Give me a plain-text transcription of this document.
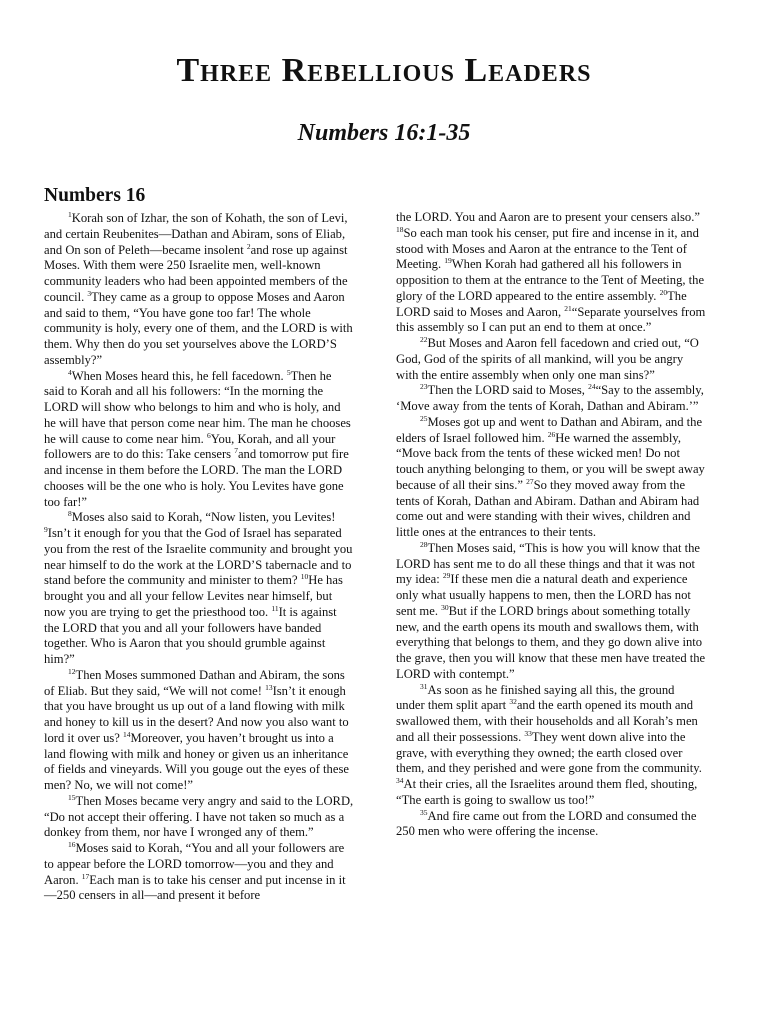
Three Rebellious Leaders
Numbers 16:1-35
Numbers 16

$^1$Korah son of Izhar, the son of Kohath, the son of Levi, and certain Reubenites—Dathan and Abiram, sons of Eliab, and On son of Peleth—became insolent $^2$and rose up against Moses. With them were 250 Israelite men, well-known community leaders who had been appointed members of the council. $^3$They came as a group to oppose Moses and Aaron and said to them, “You have gone too far! The whole community is holy, every one of them, and the LORD is with them. Why then do you set yourselves above the LORD’S assembly?”

$^4$When Moses heard this, he fell facedown. $^5$Then he said to Korah and all his followers: “In the morning the LORD will show who belongs to him and who is holy, and he will have that person come near him. The man he chooses he will cause to come near him. $^6$You, Korah, and all your followers are to do this: Take censers $^7$and tomorrow put fire and incense in them before the LORD. The man the LORD chooses will be the one who is holy. You Levites have gone too far!”

$^8$Moses also said to Korah, “Now listen, you Levites! $^9$Isn’t it enough for you that the God of Israel has separated you from the rest of the Israelite community and brought you near himself to do the work at the LORD’S tabernacle and to stand before the community and minister to them? $^{10}$He has brought you and all your fellow Levites near himself, but now you are trying to get the priesthood too. $^{11}$It is against the LORD that you and all your followers have banded together. Who is Aaron that you should grumble against him?”

$^{12}$Then Moses summoned Dathan and Abiram, the sons of Eliab. But they said, “We will not come! $^{13}$Isn’t it enough that you have brought us up out of a land flowing with milk and honey to kill us in the desert? And now you also want to lord it over us? $^{14}$Moreover, you haven’t brought us into a land flowing with milk and honey or given us an inheritance of fields and vineyards. Will you gouge out the eyes of these men? No, we will not come!”

$^{15}$Then Moses became very angry and said to the LORD, “Do not accept their offering. I have not taken so much as a donkey from them, nor have I wronged any of them.”

$^{16}$Moses said to Korah, “You and all your followers are to appear before the LORD tomorrow—you and they and Aaron. $^{17}$Each man is to take his censer and put incense in it—250 censers in all—and present it before

the LORD. You and Aaron are to present your censers also.” $^{18}$So each man took his censer, put fire and incense in it, and stood with Moses and Aaron at the entrance to the Tent of Meeting. $^{19}$When Korah had gathered all his followers in opposition to them at the entrance to the Tent of Meeting, the glory of the LORD appeared to the entire assembly. $^{20}$The LORD said to Moses and Aaron, $^{21}$“Separate yourselves from this assembly so I can put an end to them at once.”

$^{22}$But Moses and Aaron fell facedown and cried out, “O God, God of the spirits of all mankind, will you be angry with the entire assembly when only one man sins?”

$^{23}$Then the LORD said to Moses, $^{24}$“Say to the assembly, ‘Move away from the tents of Korah, Dathan and Abiram.’”

$^{25}$Moses got up and went to Dathan and Abiram, and the elders of Israel followed him. $^{26}$He warned the assembly, “Move back from the tents of these wicked men! Do not touch anything belonging to them, or you will be swept away because of all their sins.” $^{27}$So they moved away from the tents of Korah, Dathan and Abiram. Dathan and Abiram had come out and were standing with their wives, children and little ones at the entrances to their tents.

$^{28}$Then Moses said, “This is how you will know that the LORD has sent me to do all these things and that it was not my idea: $^{29}$If these men die a natural death and experience only what usually happens to men, then the LORD has not sent me. $^{30}$But if the LORD brings about something totally new, and the earth opens its mouth and swallows them, with everything that belongs to them, and they go down alive into the grave, then you will know that these men have treated the LORD with contempt.”

$^{31}$As soon as he finished saying all this, the ground under them split apart $^{32}$and the earth opened its mouth and swallowed them, with their households and all Korah’s men and all their possessions. $^{33}$They went down alive into the grave, with everything they owned; the earth closed over them, and they perished and were gone from the community. $^{34}$At their cries, all the Israelites around them fled, shouting, “The earth is going to swallow us too!”

$^{35}$And fire came out from the LORD and consumed the 250 men who were offering the incense.
